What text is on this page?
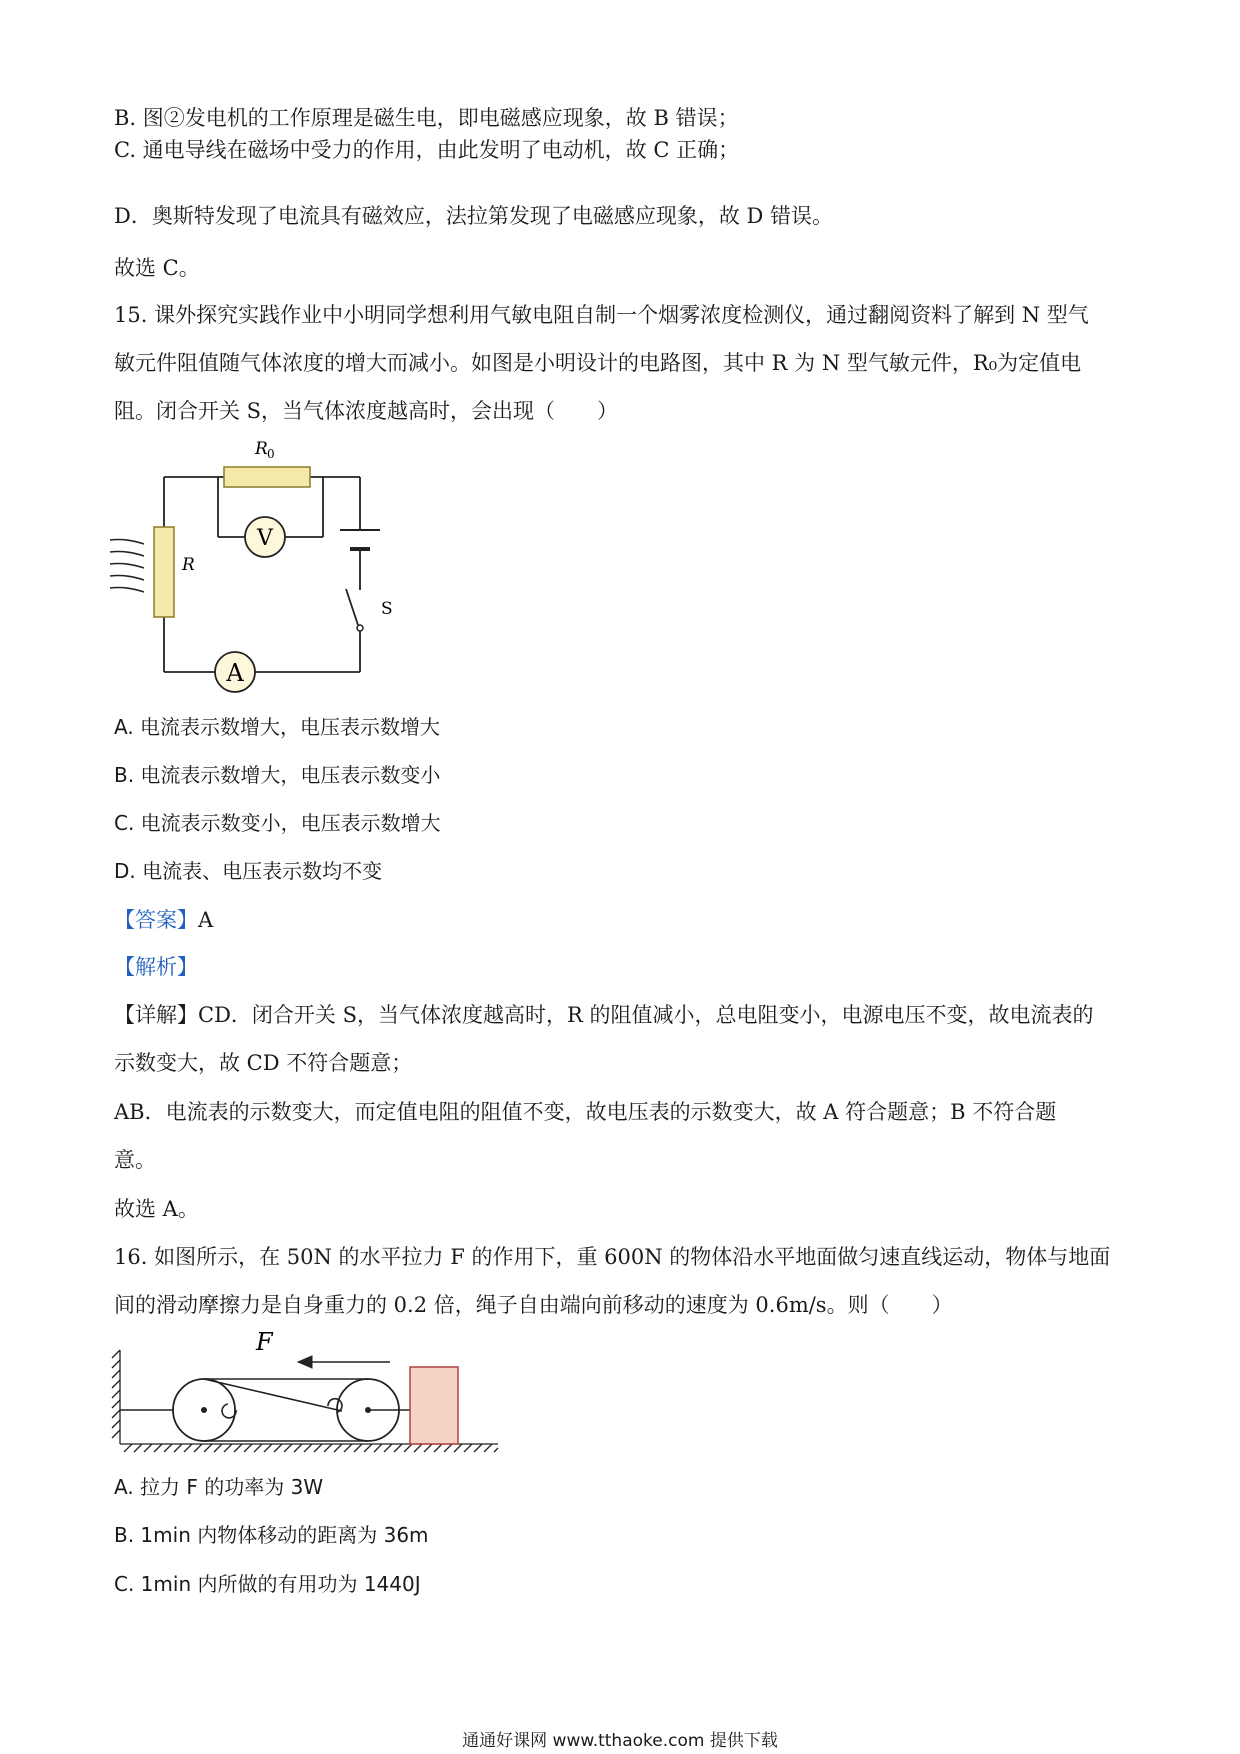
B. 图②发电机的工作原理是磁生电，即电磁感应现象，故 B 错误；
C. 通电导线在磁场中受力的作用，由此发明了电动机，故 C 正确；
D．奥斯特发现了电流具有磁效应，法拉第发现了电磁感应现象，故 D 错误。
故选 C。
15. 课外探究实践作业中小明同学想利用气敏电阻自制一个烟雾浓度检测仪，通过翻阅资料了解到 N 型气
敏元件阻值随气体浓度的增大而减小。如图是小明设计的电路图，其中 R 为 N 型气敏元件，R₀为定值电
阻。闭合开关 S，当气体浓度越高时，会出现（　　）
R 0
R
V
S
A
A. 电流表示数增大，电压表示数增大
B. 电流表示数增大，电压表示数变小
C. 电流表示数变小，电压表示数增大
D. 电流表、电压表示数均不变
【答案】A
【解析】
【详解】CD．闭合开关 S，当气体浓度越高时，R 的阻值减小，总电阻变小，电源电压不变，故电流表的
示数变大，故 CD 不符合题意；
AB．电流表的示数变大，而定值电阻的阻值不变，故电压表的示数变大，故 A 符合题意；B 不符合题
意。
故选 A。
16. 如图所示，在 50N 的水平拉力 F 的作用下，重 600N 的物体沿水平地面做匀速直线运动，物体与地面
间的滑动摩擦力是自身重力的 0.2 倍，绳子自由端向前移动的速度为 0.6m/s。则（　　）
F
A. 拉力 F 的功率为 3W
B. 1min 内物体移动的距离为 36m
C. 1min 内所做的有用功为 1440J
通通好课网 www.tthaoke.com 提供下载
